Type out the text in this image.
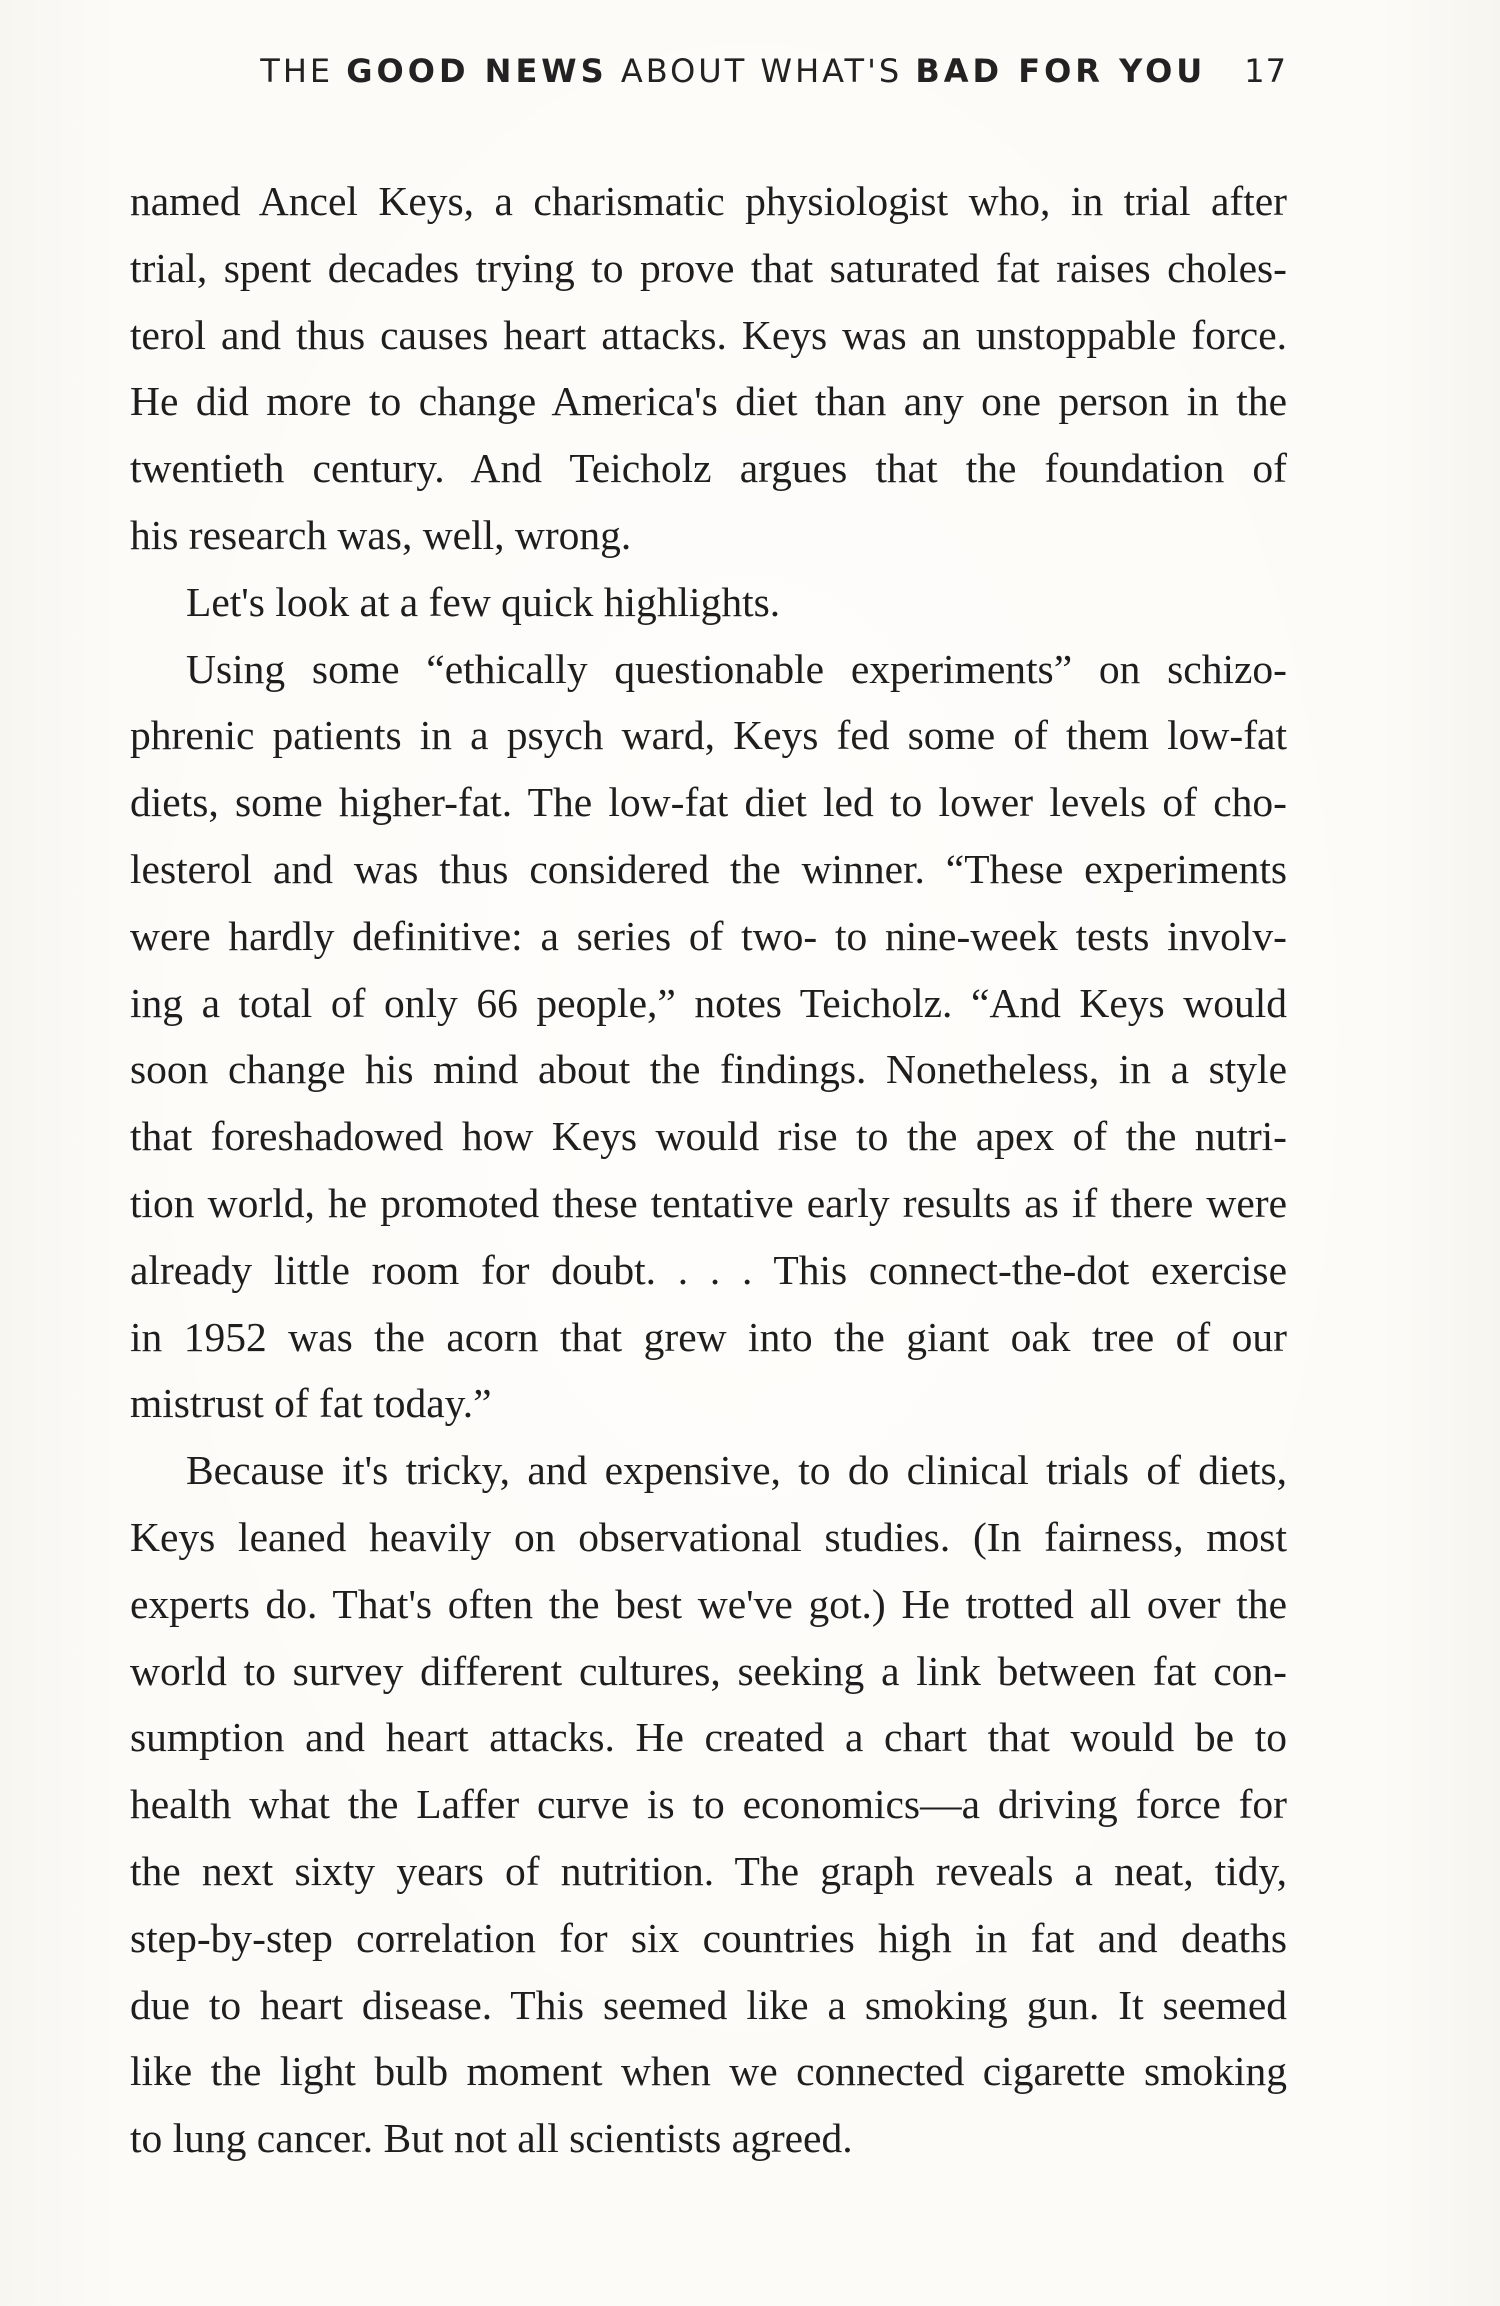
THE GOOD NEWS ABOUT WHAT'S BAD FOR YOU 17
named Ancel Keys, a charismatic physiologist who, in trial after
trial, spent decades trying to prove that saturated fat raises choles-
terol and thus causes heart attacks. Keys was an unstoppable force.
He did more to change America's diet than any one person in the
twentieth century. And Teicholz argues that the foundation of
his research was, well, wrong.
Let's look at a few quick highlights.
Using some “ethically questionable experiments” on schizo-
phrenic patients in a psych ward, Keys fed some of them low-fat
diets, some higher-fat. The low-fat diet led to lower levels of cho-
lesterol and was thus considered the winner. “These experiments
were hardly definitive: a series of two- to nine-week tests involv-
ing a total of only 66 people,” notes Teicholz. “And Keys would
soon change his mind about the findings. Nonetheless, in a style
that foreshadowed how Keys would rise to the apex of the nutri-
tion world, he promoted these tentative early results as if there were
already little room for doubt. . . . This connect-the-dot exercise
in 1952 was the acorn that grew into the giant oak tree of our
mistrust of fat today.”
Because it's tricky, and expensive, to do clinical trials of diets,
Keys leaned heavily on observational studies. (In fairness, most
experts do. That's often the best we've got.) He trotted all over the
world to survey different cultures, seeking a link between fat con-
sumption and heart attacks. He created a chart that would be to
health what the Laffer curve is to economics—a driving force for
the next sixty years of nutrition. The graph reveals a neat, tidy,
step-by-step correlation for six countries high in fat and deaths
due to heart disease. This seemed like a smoking gun. It seemed
like the light bulb moment when we connected cigarette smoking
to lung cancer. But not all scientists agreed.
